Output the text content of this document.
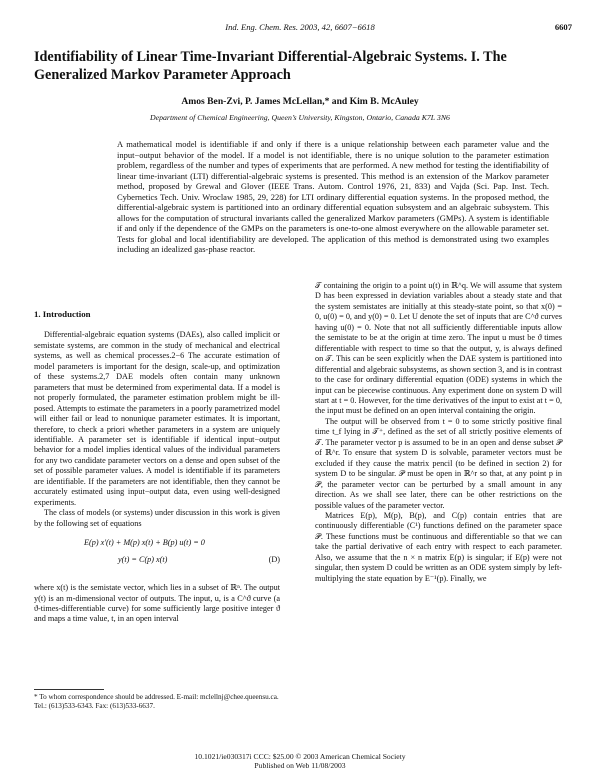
Ind. Eng. Chem. Res. 2003, 42, 6607−6618	6607
Identifiability of Linear Time-Invariant Differential-Algebraic Systems. I. The Generalized Markov Parameter Approach
Amos Ben-Zvi, P. James McLellan,* and Kim B. McAuley
Department of Chemical Engineering, Queen’s University, Kingston, Ontario, Canada K7L 3N6
A mathematical model is identifiable if and only if there is a unique relationship between each parameter value and the input−output behavior of the model. If a model is not identifiable, there is no unique solution to the parameter estimation problem, regardless of the number and types of experiments that are performed. A new method for testing the identifiability of linear time-invariant (LTI) differential-algebraic systems is presented. This method is an extension of the Markov parameter method, proposed by Grewal and Glover (IEEE Trans. Autom. Control 1976, 21, 833) and Vajda (Sci. Pap. Inst. Tech. Cybernetics Tech. Univ. Wroclaw 1985, 29, 228) for LTI ordinary differential equation systems. In the proposed method, the differential-algebraic system is partitioned into an ordinary differential equation subsystem and an algebraic subsystem. This allows for the computation of structural invariants called the generalized Markov parameters (GMPs). A system is identifiable if and only if the dependence of the GMPs on the parameters is one-to-one almost everywhere on the allowable parameter set. Tests for global and local identifiability are developed. The application of this method is demonstrated using two examples including an idealized gas-phase reactor.
1. Introduction

Differential-algebraic equation systems (DAEs), also called implicit or semistate systems, are common in the study of mechanical and electrical systems, as well as chemical processes.2−6 The accurate estimation of model parameters is important for the design, scale-up, and optimization of these systems.2,7 DAE models often contain many unknown parameters that must be determined from experimental data. If a model is not properly formulated, the parameter estimation problem might be ill-posed. Attempts to estimate the parameters in a poorly parametrized model will either fail or lead to nonunique parameter estimates. It is important, therefore, to check a priori whether parameters in a system are uniquely identifiable. A parameter set is identifiable if identical input−output behavior for a model implies identical values of the individual parameters for any two candidate parameter vectors on a dense and open subset of the set of possible parameter values. A model is identifiable if its parameters are identifiable. If the parameters are not identifiable, then they cannot be accurately estimated using input−output data, even using well-designed experiments.

The class of models (or systems) under discussion in this work is given by the following set of equations

E(p) x′(t) + M(p) x(t) + B(p) u(t) = 0
y(t) = C(p) x(t)	(D)

where x(t) is the semistate vector, which lies in a subset of ℝⁿ. The output y(t) is an m-dimensional vector of outputs. The input, u, is a C^ϑ curve (a ϑ-times-differentiable curve) for some sufficiently large positive integer ϑ and maps a time value, t, in an open interval

* To whom correspondence should be addressed. E-mail: mclellnj@chee.queensu.ca. Tel.: (613)533-6343. Fax: (613)533-6637.

𝒯 containing the origin to a point u(t) in ℝ^q. We will assume that system D has been expressed in deviation variables about a steady state and that the system semistates are initially at this steady-state point, so that x(0) = 0, u(0) = 0, and y(0) = 0. Let U denote the set of inputs that are C^ϑ curves having u(0) = 0. Note that not all sufficiently differentiable inputs allow the semistate to be at the origin at time zero. The input u must be ϑ times differentiable with respect to time so that the output, y, is always defined on 𝒯. This can be seen explicitly when the DAE system is partitioned into differential and algebraic subsystems, as shown section 3, and is in contrast to the case for ordinary differential equation (ODE) systems in which the input can be piecewise continuous. Any experiment done on system D will start at t = 0. However, for the time derivatives of the input to exist at t = 0, the input must be defined on an open interval containing the origin.

The output will be observed from t = 0 to some strictly positive final time t_f lying in 𝒯⁺, defined as the set of all strictly positive elements of 𝒯. The parameter vector p is assumed to be in an open and dense subset 𝒫 of ℝ^r. To ensure that system D is solvable, parameter vectors must be excluded if they cause the matrix pencil (to be defined in section 2) for system D to be singular. 𝒫 must be open in ℝ^r so that, at any point p in 𝒫, the parameter vector can be perturbed by a small amount in any direction. As we shall see later, there can be other restrictions on the possible values of the parameter vector.

Matrices E(p), M(p), B(p), and C(p) contain entries that are continuously differentiable (C¹) functions defined on the parameter space 𝒫. These functions must be continuous and differentiable so that we can take the partial derivative of each entry with respect to each parameter. Also, we assume that the n × n matrix E(p) is singular; if E(p) were not singular, then system D could be written as an ODE system simply by left-multiplying the state equation by E⁻¹(p). Finally, we

10.1021/ie030317i CCC: $25.00 © 2003 American Chemical Society
Published on Web 11/08/2003
